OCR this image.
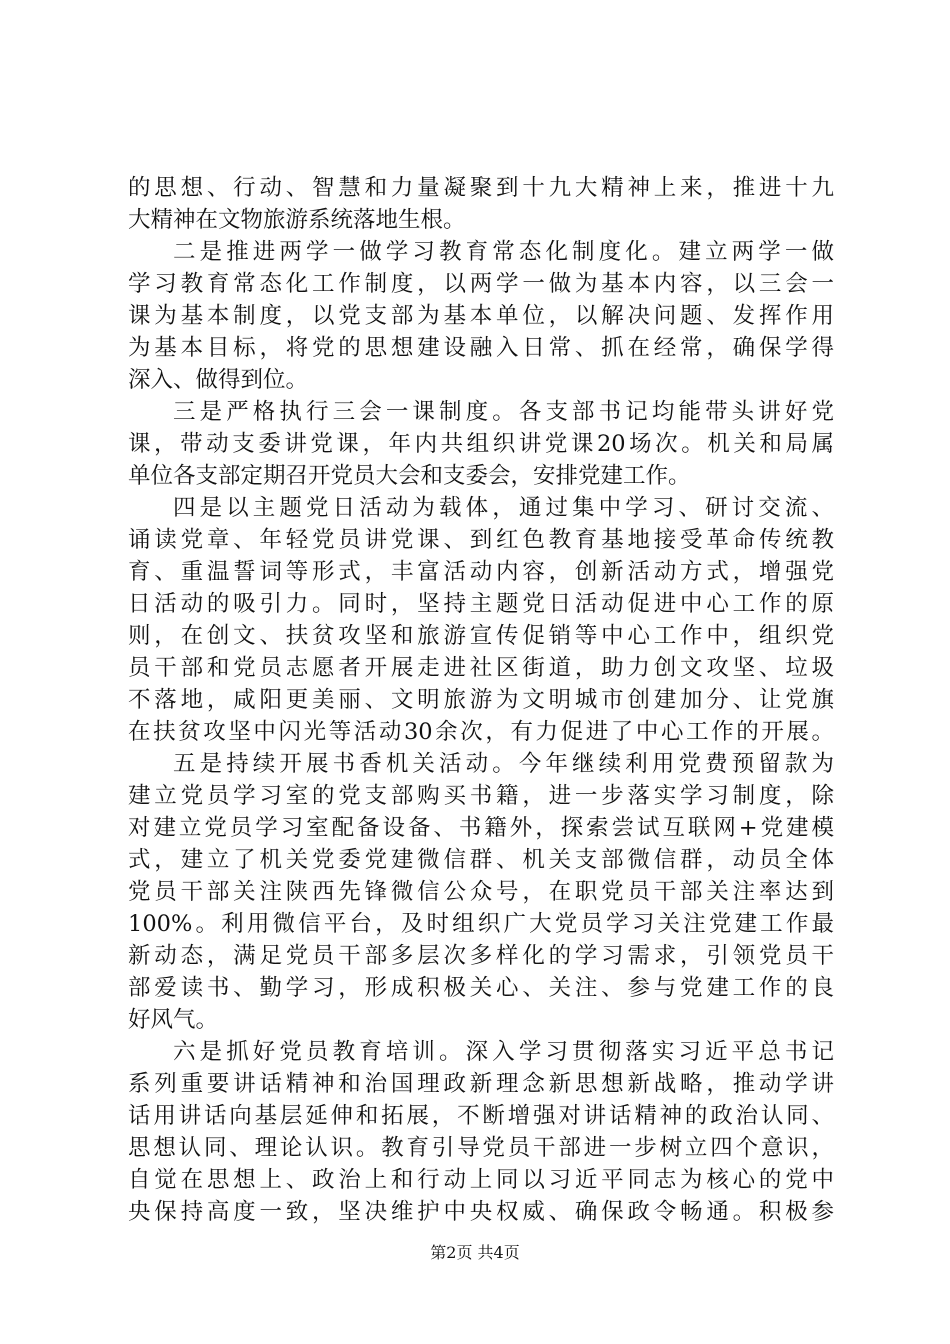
的思想、行动、智慧和力量凝聚到十九大精神上来，推进十九
大精神在文物旅游系统落地生根。
二是推进两学一做学习教育常态化制度化。建立两学一做
学习教育常态化工作制度，以两学一做为基本内容，以三会一
课为基本制度，以党支部为基本单位，以解决问题、发挥作用
为基本目标，将党的思想建设融入日常、抓在经常，确保学得
深入、做得到位。
三是严格执行三会一课制度。各支部书记均能带头讲好党
课，带动支委讲党课，年内共组织讲党课20场次。机关和局属
单位各支部定期召开党员大会和支委会，安排党建工作。
四是以主题党日活动为载体，通过集中学习、研讨交流、
诵读党章、年轻党员讲党课、到红色教育基地接受革命传统教
育、重温誓词等形式，丰富活动内容，创新活动方式，增强党
日活动的吸引力。同时，坚持主题党日活动促进中心工作的原
则，在创文、扶贫攻坚和旅游宣传促销等中心工作中，组织党
员干部和党员志愿者开展走进社区街道，助力创文攻坚、垃圾
不落地，咸阳更美丽、文明旅游为文明城市创建加分、让党旗
在扶贫攻坚中闪光等活动30余次，有力促进了中心工作的开展。
五是持续开展书香机关活动。今年继续利用党费预留款为
建立党员学习室的党支部购买书籍，进一步落实学习制度，除
对建立党员学习室配备设备、书籍外，探索尝试互联网+党建模
式，建立了机关党委党建微信群、机关支部微信群，动员全体
党员干部关注陕西先锋微信公众号，在职党员干部关注率达到
100%。利用微信平台，及时组织广大党员学习关注党建工作最
新动态，满足党员干部多层次多样化的学习需求，引领党员干
部爱读书、勤学习，形成积极关心、关注、参与党建工作的良
好风气。
六是抓好党员教育培训。深入学习贯彻落实习近平总书记
系列重要讲话精神和治国理政新理念新思想新战略，推动学讲
话用讲话向基层延伸和拓展，不断增强对讲话精神的政治认同、
思想认同、理论认识。教育引导党员干部进一步树立四个意识，
自觉在思想上、政治上和行动上同以习近平同志为核心的党中
央保持高度一致，坚决维护中央权威、确保政令畅通。积极参
第2页 共4页
